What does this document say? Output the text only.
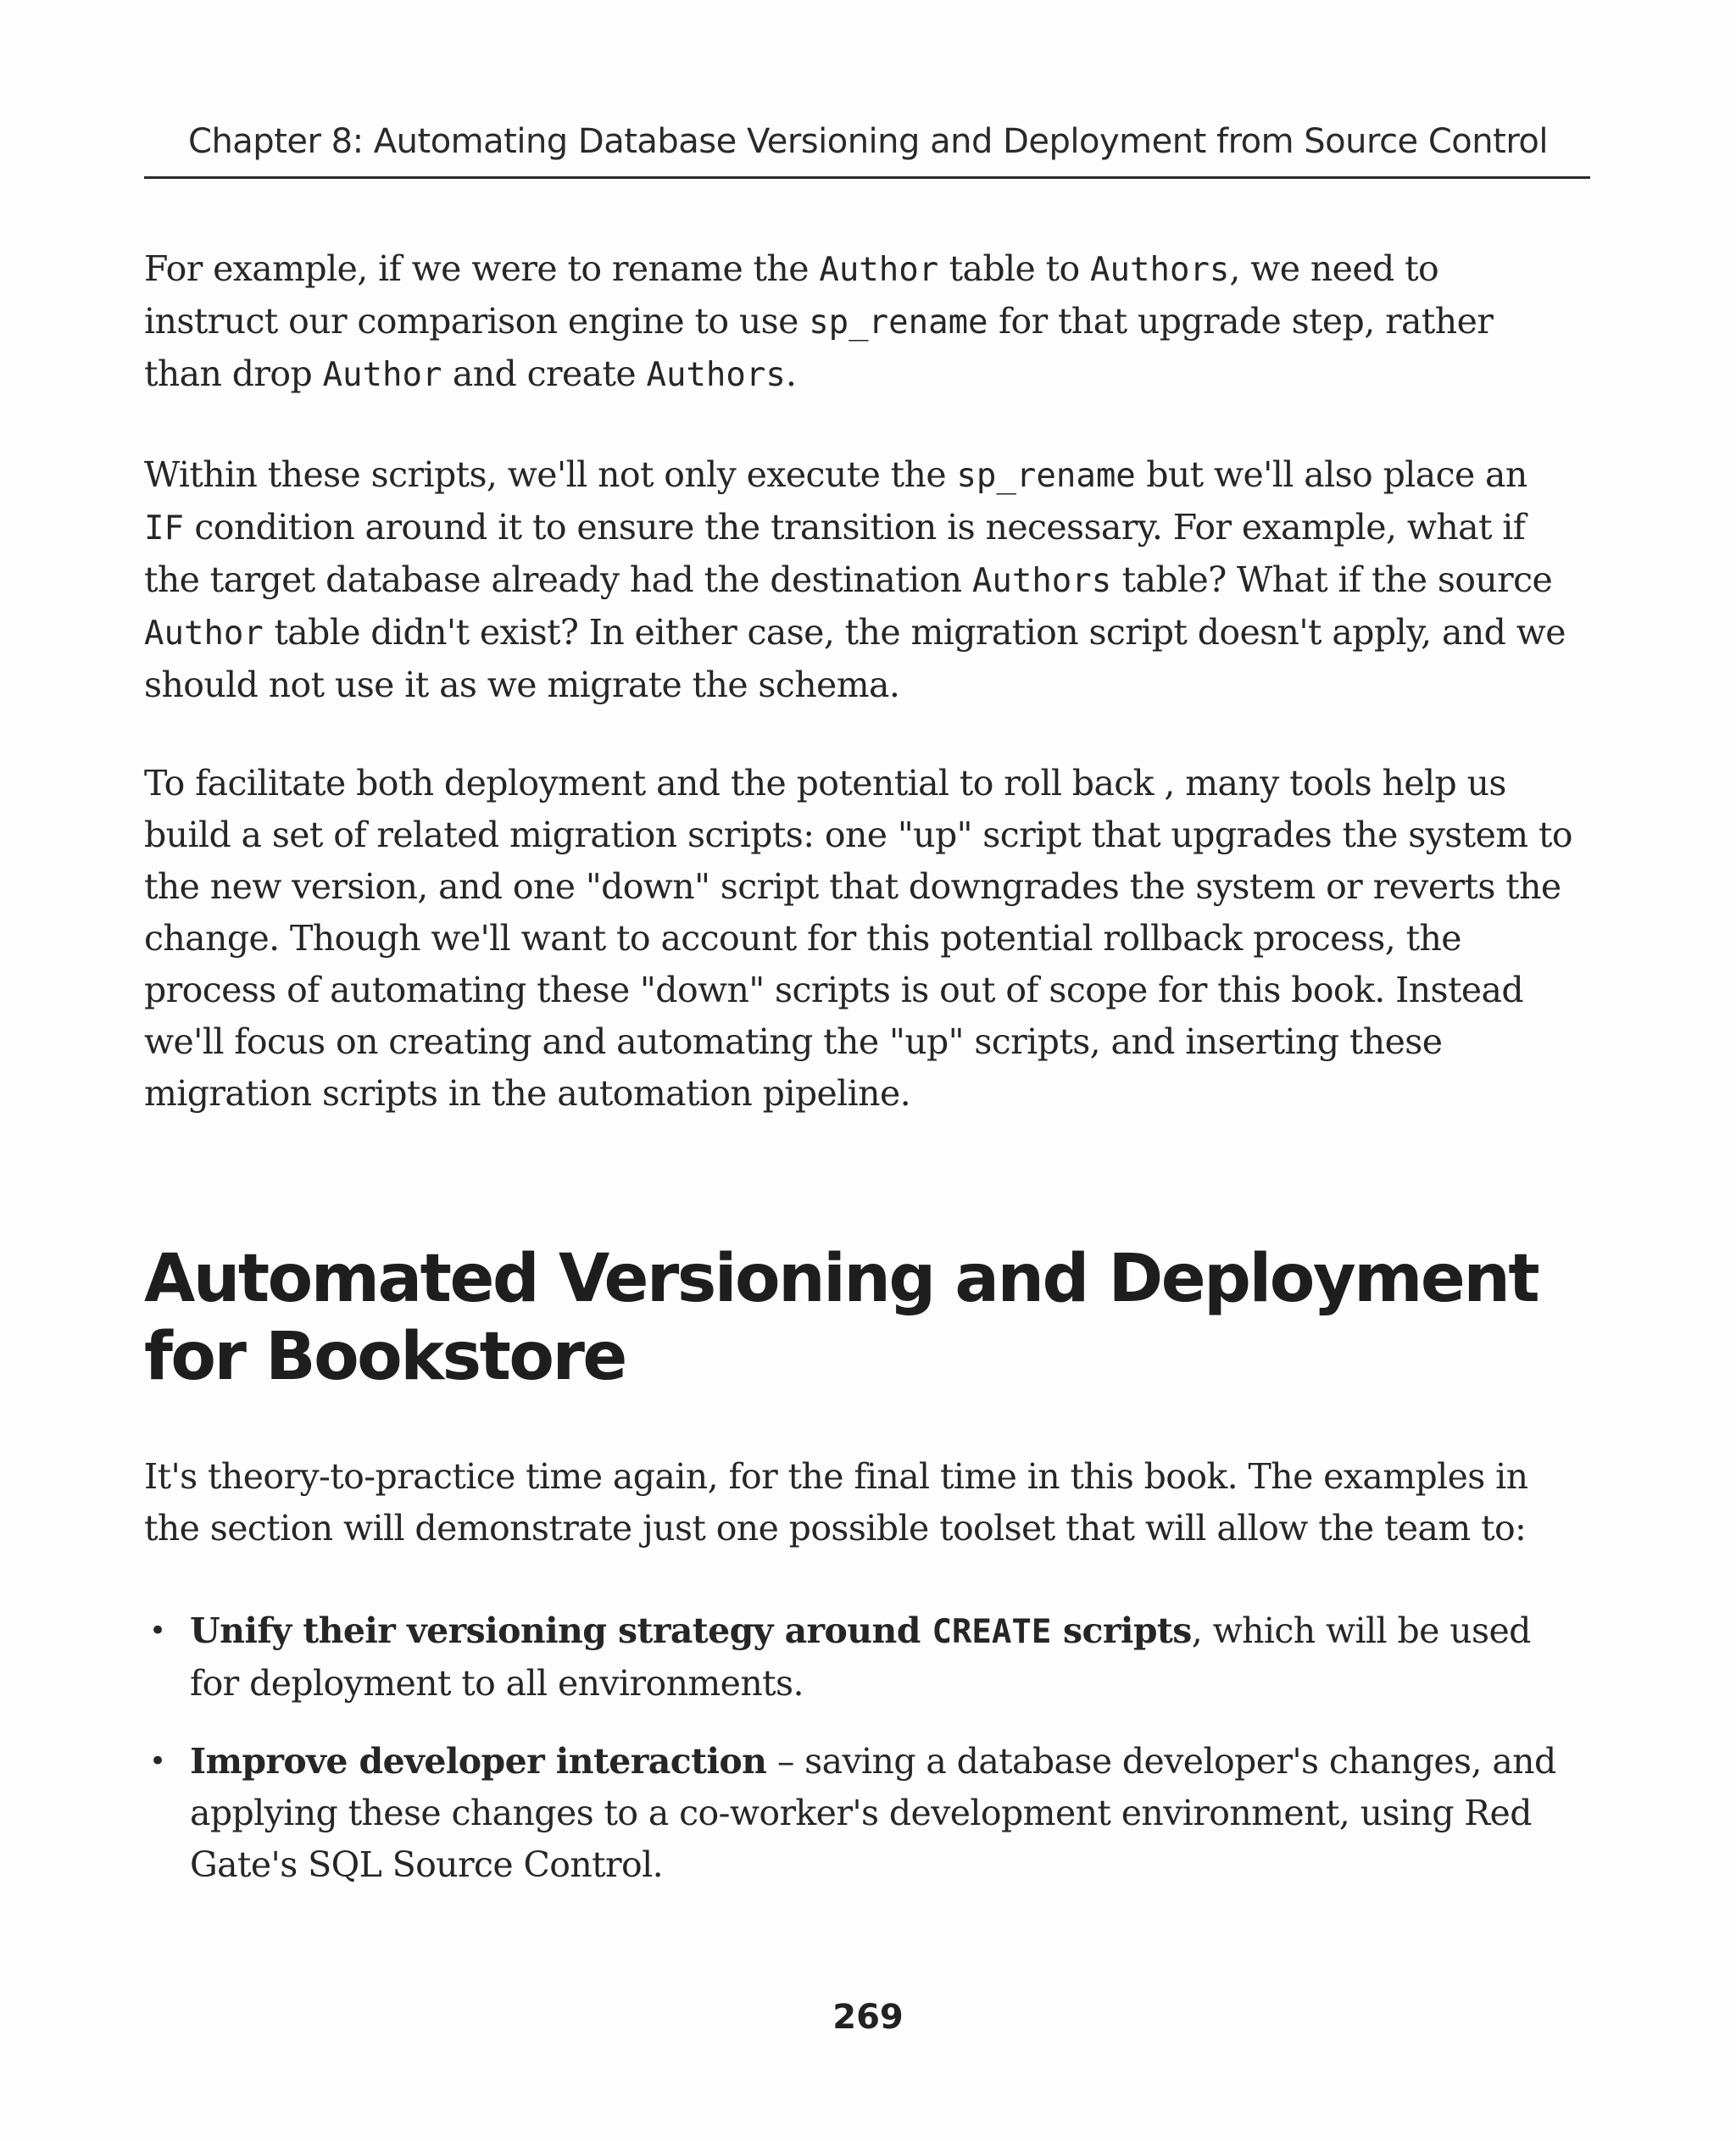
Chapter 8: Automating Database Versioning and Deployment from Source Control

For example, if we were to rename the Author table to Authors, we need to instruct our comparison engine to use sp_rename for that upgrade step, rather than drop Author and create Authors.

Within these scripts, we'll not only execute the sp_rename but we'll also place an IF condition around it to ensure the transition is necessary. For example, what if the target database already had the destination Authors table? What if the source Author table didn't exist? In either case, the migration script doesn't apply, and we should not use it as we migrate the schema.

To facilitate both deployment and the potential to roll back , many tools help us build a set of related migration scripts: one "up" script that upgrades the system to the new version, and one "down" script that downgrades the system or reverts the change. Though we'll want to account for this potential rollback process, the process of automating these "down" scripts is out of scope for this book. Instead we'll focus on creating and automating the "up" scripts, and inserting these migration scripts in the automation pipeline.

Automated Versioning and Deployment for Bookstore

It's theory-to-practice time again, for the final time in this book. The examples in the section will demonstrate just one possible toolset that will allow the team to:

• Unify their versioning strategy around CREATE scripts, which will be used for deployment to all environments.
• Improve developer interaction – saving a database developer's changes, and applying these changes to a co-worker's development environment, using Red Gate's SQL Source Control.
269
